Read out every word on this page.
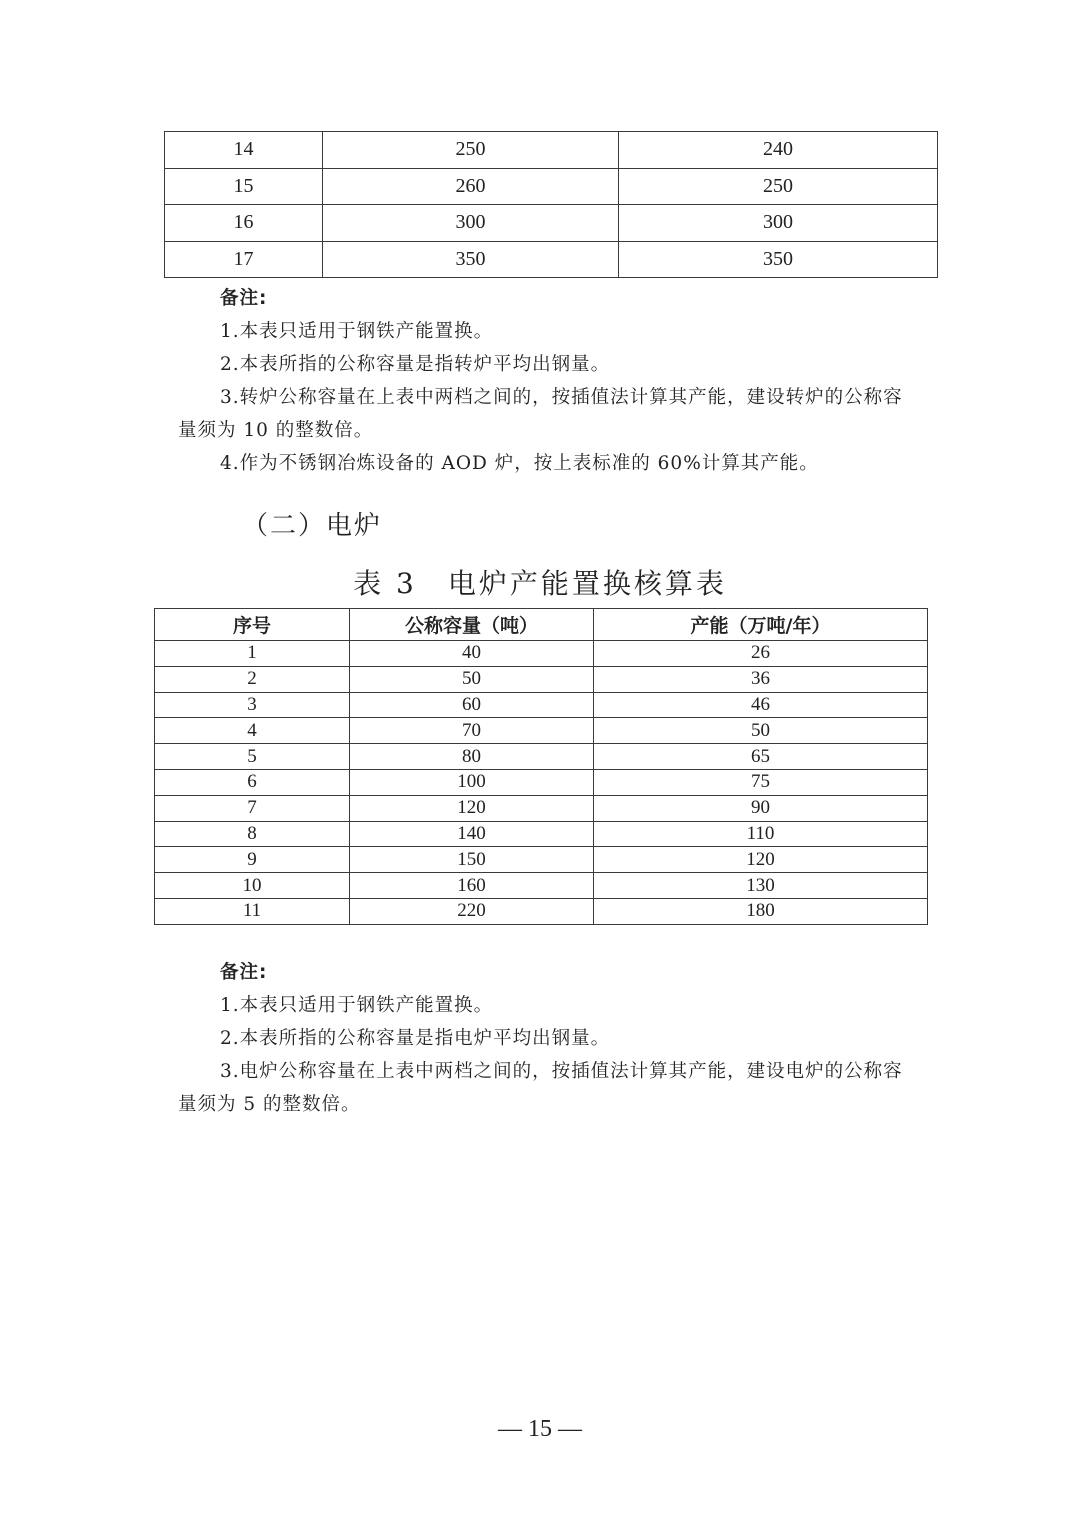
14	250	240
15	260	250
16	300	300
17	350	350
备注:
1.本表只适用于钢铁产能置换。
2.本表所指的公称容量是指转炉平均出钢量。
3.转炉公称容量在上表中两档之间的，按插值法计算其产能，建设转炉的公称容量须为 10 的整数倍。
4.作为不锈钢冶炼设备的 AOD 炉，按上表标准的 60%计算其产能。
（二）电炉
表 3　电炉产能置换核算表
序号	公称容量（吨）	产能（万吨/年）
1	40	26
2	50	36
3	60	46
4	70	50
5	80	65
6	100	75
7	120	90
8	140	110
9	150	120
10	160	130
11	220	180
备注:
1.本表只适用于钢铁产能置换。
2.本表所指的公称容量是指电炉平均出钢量。
3.电炉公称容量在上表中两档之间的，按插值法计算其产能，建设电炉的公称容量须为 5 的整数倍。
— 15 —
